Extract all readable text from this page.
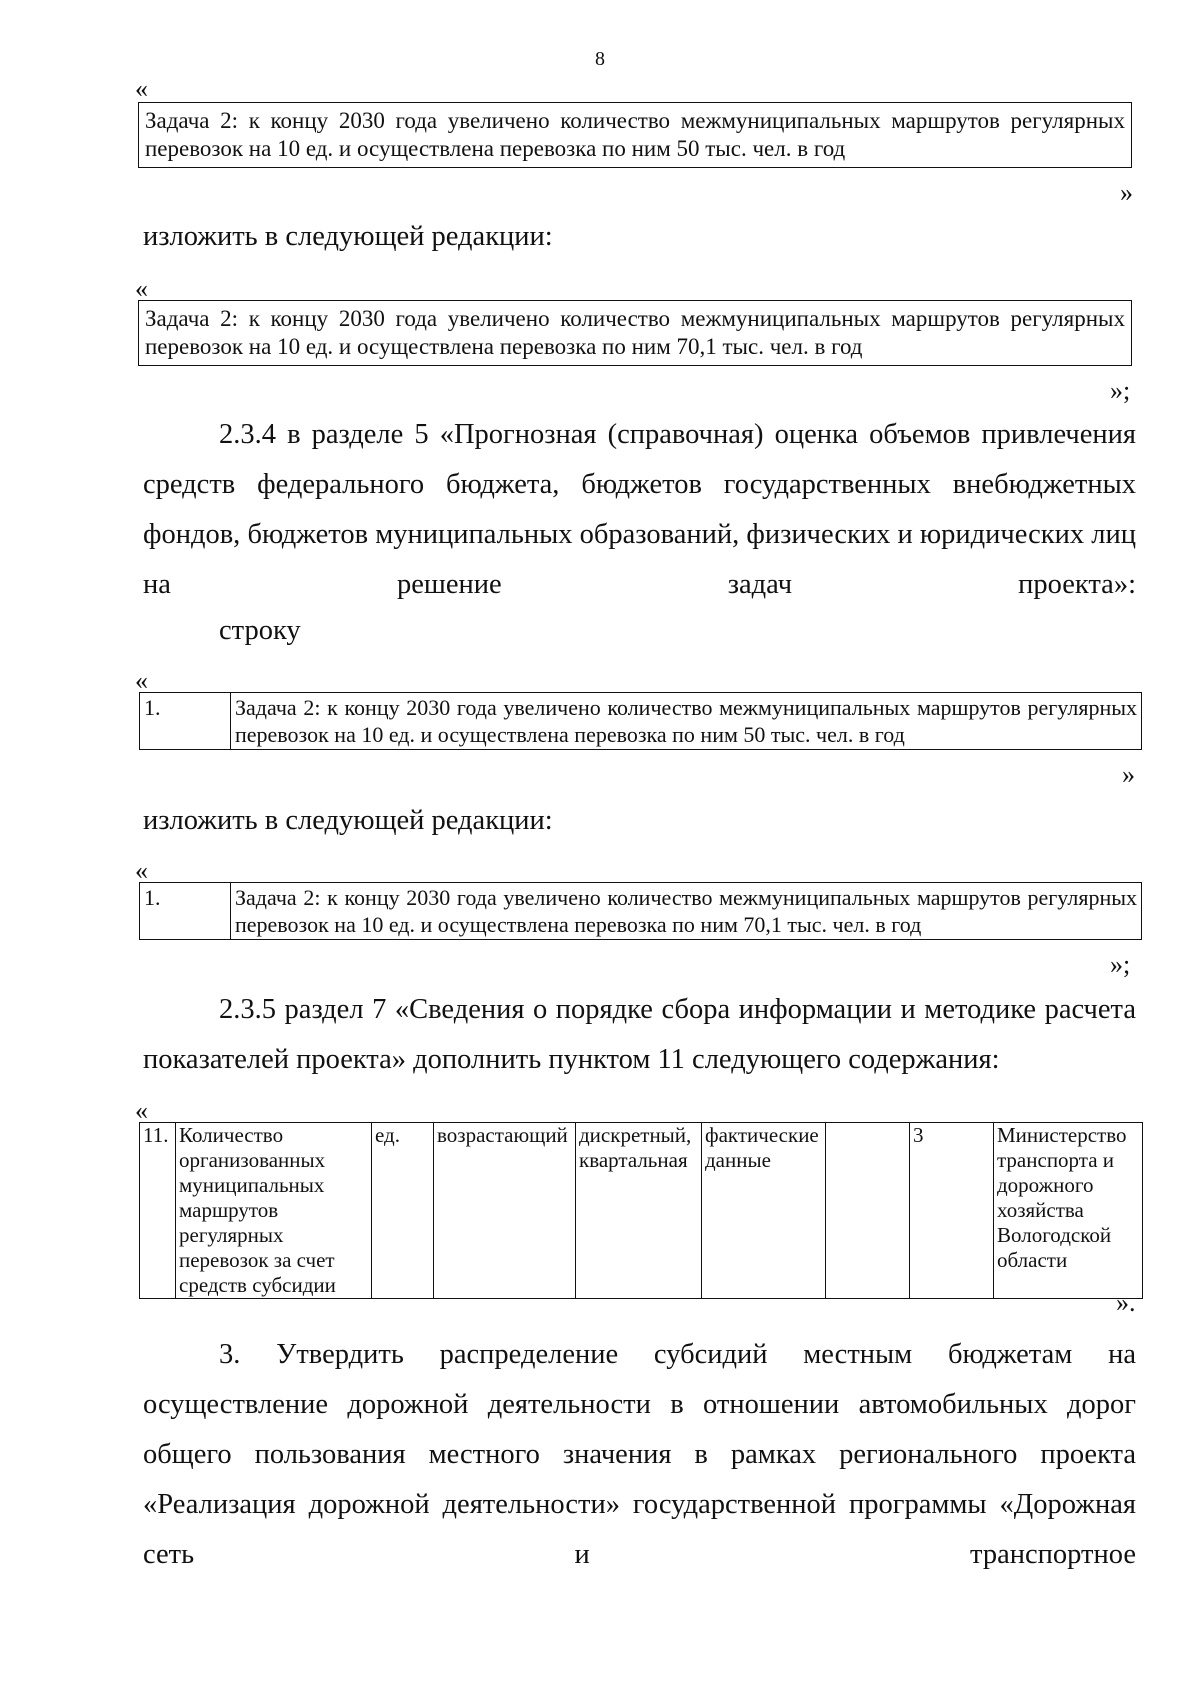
8
«
Задача 2: к концу 2030 года увеличено количество межмуниципальных маршрутов регулярных перевозок на 10 ед. и осуществлена перевозка по ним 50 тыс. чел. в год
»
изложить в следующей редакции:
«
Задача 2: к концу 2030 года увеличено количество межмуниципальных маршрутов регулярных перевозок на 10 ед. и осуществлена перевозка по ним 70,1 тыс. чел. в год
»;
2.3.4 в разделе 5 «Прогнозная (справочная) оценка объемов привлечения средств федерального бюджета, бюджетов государственных внебюджетных фондов, бюджетов муниципальных образований, физических и юридических лиц на решение задач проекта»:
строку
«
1.	Задача 2: к концу 2030 года увеличено количество межмуниципальных маршрутов регулярных перевозок на 10 ед. и осуществлена перевозка по ним 50 тыс. чел. в год
»
изложить в следующей редакции:
«
1.	Задача 2: к концу 2030 года увеличено количество межмуниципальных маршрутов регулярных перевозок на 10 ед. и осуществлена перевозка по ним 70,1 тыс. чел. в год
»;
2.3.5 раздел 7 «Сведения о порядке сбора информации и методике расчета показателей проекта» дополнить пунктом 11 следующего содержания:
«
11.	Количество организованных муниципальных маршрутов регулярных перевозок за счет средств субсидии	ед.	возрастающий	дискретный, квартальная	фактические данные		3	Министерство транспорта и дорожного хозяйства Вологодской области
».
3. Утвердить распределение субсидий местным бюджетам на осуществление дорожной деятельности в отношении автомобильных дорог общего пользования местного значения в рамках регионального проекта «Реализация дорожной деятельности» государственной программы «Дорожная сеть и транспортное
